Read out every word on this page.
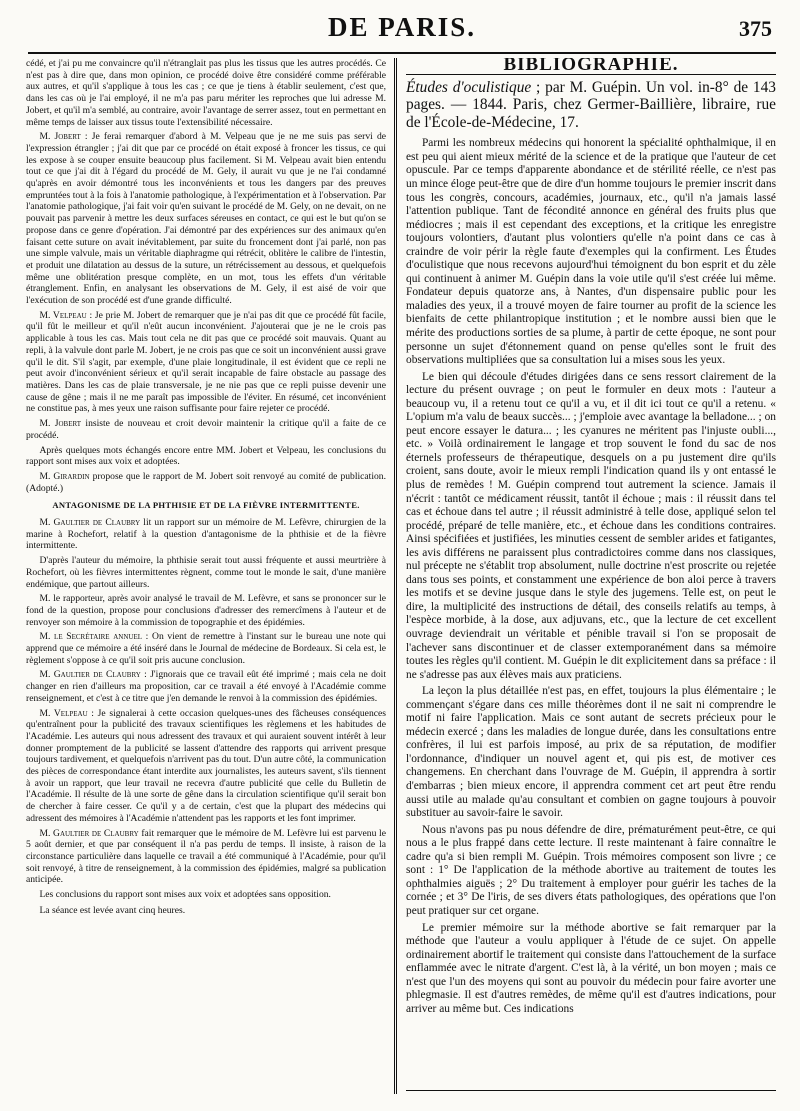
DE PARIS.	375

cédé, et j'ai pu me convaincre qu'il n'étranglait pas plus les tissus que les autres procédés. Ce n'est pas à dire que, dans mon opinion, ce procédé doive être considéré comme préférable aux autres, et qu'il s'applique à tous les cas ; ce que je tiens à établir seulement, c'est que, dans les cas où je l'ai employé, il ne m'a pas paru mériter les reproches que lui adresse M. Jobert, et qu'il m'a semblé, au contraire, avoir l'avantage de serrer assez, tout en permettant en même temps de laisser aux tissus toute l'extensibilité nécessaire.

M. Jobert : Je ferai remarquer d'abord à M. Velpeau que je ne me suis pas servi de l'expression étrangler ; j'ai dit que par ce procédé on était exposé à froncer les tissus, ce qui les expose à se couper ensuite beaucoup plus facilement. Si M. Velpeau avait bien entendu tout ce que j'ai dit à l'égard du procédé de M. Gely, il aurait vu que je ne l'ai condamné qu'après en avoir démontré tous les inconvénients et tous les dangers par des preuves empruntées tout à la fois à l'anatomie pathologique, à l'expérimentation et à l'observation. Par l'anatomie pathologique, j'ai fait voir qu'en suivant le procédé de M. Gely, on ne devait, on ne pouvait pas parvenir à mettre les deux surfaces séreuses en contact, ce qui est le but qu'on se propose dans ce genre d'opération. J'ai démontré par des expériences sur des animaux qu'en faisant cette suture on avait inévitablement, par suite du froncement dont j'ai parlé, non pas une simple valvule, mais un véritable diaphragme qui rétrécit, oblitère le calibre de l'intestin, et produit une dilatation au dessus de la suture, un rétrécissement au dessous, et quelquefois même une oblitération presque complète, en un mot, tous les effets d'un véritable étranglement. Enfin, en analysant les observations de M. Gely, il est aisé de voir que l'exécution de son procédé est d'une grande difficulté.

M. Velpeau : Je prie M. Jobert de remarquer que je n'ai pas dit que ce procédé fût facile, qu'il fût le meilleur et qu'il n'eût aucun inconvénient. J'ajouterai que je ne le crois pas applicable à tous les cas. Mais tout cela ne dit pas que ce procédé soit mauvais. Quant au repli, à la valvule dont parle M. Jobert, je ne crois pas que ce soit un inconvénient aussi grave qu'il le dit. S'il s'agit, par exemple, d'une plaie longitudinale, il est évident que ce repli ne peut avoir d'inconvénient sérieux et qu'il serait incapable de faire obstacle au passage des matières. Dans les cas de plaie transversale, je ne nie pas que ce repli puisse devenir une cause de gêne ; mais il ne me paraît pas impossible de l'éviter. En résumé, cet inconvénient ne constitue pas, à mes yeux une raison suffisante pour faire rejeter ce procédé.

M. Jobert insiste de nouveau et croit devoir maintenir la critique qu'il a faite de ce procédé.

Après quelques mots échangés encore entre MM. Jobert et Velpeau, les conclusions du rapport sont mises aux voix et adoptées.

M. Girardin propose que le rapport de M. Jobert soit renvoyé au comité de publication. (Adopté.)

ANTAGONISME DE LA PHTHISIE ET DE LA FIÈVRE INTERMITTENTE.

M. Gaultier de Claubry lit un rapport sur un mémoire de M. Lefèvre, chirurgien de la marine à Rochefort, relatif à la question d'antagonisme de la phthisie et de la fièvre intermittente.

D'après l'auteur du mémoire, la phthisie serait tout aussi fréquente et aussi meurtrière à Rochefort, où les fièvres intermittentes règnent, comme tout le monde le sait, d'une manière endémique, que partout ailleurs.

M. le rapporteur, après avoir analysé le travail de M. Lefèvre, et sans se prononcer sur le fond de la question, propose pour conclusions d'adresser des remercîmens à l'auteur et de renvoyer son mémoire à la commission de topographie et des épidémies.

M. le Secrétaire annuel : On vient de remettre à l'instant sur le bureau une note qui apprend que ce mémoire a été inséré dans le Journal de médecine de Bordeaux. Si cela est, le règlement s'oppose à ce qu'il soit pris aucune conclusion.

M. Gaultier de Claubry : J'ignorais que ce travail eût été imprimé ; mais cela ne doit changer en rien d'ailleurs ma proposition, car ce travail a été envoyé à l'Académie comme renseignement, et c'est à ce titre que j'en demande le renvoi à la commission des épidémies.

M. Velpeau : Je signalerai à cette occasion quelques-unes des fâcheuses conséquences qu'entraînent pour la publicité des travaux scientifiques les règlemens et les habitudes de l'Académie. Les auteurs qui nous adressent des travaux et qui auraient souvent intérêt à leur donner promptement de la publicité se lassent d'attendre des rapports qui arrivent presque toujours tardivement, et quelquefois n'arrivent pas du tout. D'un autre côté, la communication des pièces de correspondance étant interdite aux journalistes, les auteurs savent, s'ils tiennent à avoir un rapport, que leur travail ne recevra d'autre publicité que celle du Bulletin de l'Académie. Il résulte de là une sorte de gêne dans la circulation scientifique qu'il serait bon de chercher à faire cesser. Ce qu'il y a de certain, c'est que la plupart des médecins qui adressent des mémoires à l'Académie n'attendent pas les rapports et les font imprimer.

M. Gaultier de Claubry fait remarquer que le mémoire de M. Lefèvre lui est parvenu le 5 août dernier, et que par conséquent il n'a pas perdu de temps. Il insiste, à raison de la circonstance particulière dans laquelle ce travail a été communiqué à l'Académie, pour qu'il soit renvoyé, à titre de renseignement, à la commission des épidémies, malgré sa publication anticipée.

Les conclusions du rapport sont mises aux voix et adoptées sans opposition.

La séance est levée avant cinq heures.

BIBLIOGRAPHIE.

Études d'oculistique ; par M. Guépin. Un vol. in-8° de 143 pages. — 1844. Paris, chez Germer-Baillière, libraire, rue de l'École-de-Médecine, 17.

Parmi les nombreux médecins qui honorent la spécialité ophthalmique, il en est peu qui aient mieux mérité de la science et de la pratique que l'auteur de cet opuscule. Par ce temps d'apparente abondance et de stérilité réelle, ce n'est pas un mince éloge peut-être que de dire d'un homme toujours le premier inscrit dans tous les congrès, concours, académies, journaux, etc., qu'il n'a jamais lassé l'attention publique. Tant de fécondité annonce en général des fruits plus que médiocres ; mais il est cependant des exceptions, et la critique les enregistre toujours volontiers, d'autant plus volontiers qu'elle n'a point dans ce cas à craindre de voir périr la règle faute d'exemples qui la confirment. Les Études d'oculistique que nous recevons aujourd'hui témoignent du bon esprit et du zèle qui continuent à animer M. Guépin dans la voie utile qu'il s'est créée lui même. Fondateur depuis quatorze ans, à Nantes, d'un dispensaire public pour les maladies des yeux, il a trouvé moyen de faire tourner au profit de la science les bienfaits de cette philantropique institution ; et le nombre aussi bien que le mérite des productions sorties de sa plume, à partir de cette époque, ne sont pour personne un sujet d'étonnement quand on pense qu'elles sont le fruit des observations multipliées que sa consultation lui a mises sous les yeux.

Le bien qui découle d'études dirigées dans ce sens ressort clairement de la lecture du présent ouvrage ; on peut le formuler en deux mots : l'auteur a beaucoup vu, il a retenu tout ce qu'il a vu, et il dit ici tout ce qu'il a retenu. « L'opium m'a valu de beaux succès... ; j'emploie avec avantage la belladone... ; on peut encore essayer le datura... ; les cyanures ne méritent pas l'injuste oubli..., etc. » Voilà ordinairement le langage et trop souvent le fond du sac de nos éternels professeurs de thérapeutique, desquels on a pu justement dire qu'ils croient, sans doute, avoir le mieux rempli l'indication quand ils y ont entassé le plus de remèdes ! M. Guépin comprend tout autrement la science. Jamais il n'écrit : tantôt ce médicament réussit, tantôt il échoue ; mais : il réussit dans tel cas et échoue dans tel autre ; il réussit administré à telle dose, appliqué selon tel procédé, préparé de telle manière, etc., et échoue dans les conditions contraires. Ainsi spécifiées et justifiées, les minuties cessent de sembler arides et fatigantes, les avis différens ne paraissent plus contradictoires comme dans nos classiques, nul précepte ne s'établit trop absolument, nulle doctrine n'est proscrite ou rejetée dans tous ses points, et constamment une expérience de bon aloi perce à travers les motifs et se devine jusque dans le style des jugemens. Telle est, on peut le dire, la multiplicité des instructions de détail, des conseils relatifs au temps, à l'espèce morbide, à la dose, aux adjuvans, etc., que la lecture de cet excellent ouvrage deviendrait un véritable et pénible travail si l'on se proposait de l'achever sans discontinuer et de classer extemporanément dans sa mémoire toutes les règles qu'il contient. M. Guépin le dit explicitement dans sa préface : il ne s'adresse pas aux élèves mais aux praticiens.

La leçon la plus détaillée n'est pas, en effet, toujours la plus élémentaire ; le commençant s'égare dans ces mille théorèmes dont il ne sait ni comprendre le motif ni faire l'application. Mais ce sont autant de secrets précieux pour le médecin exercé ; dans les maladies de longue durée, dans les consultations entre confrères, il lui est parfois imposé, au prix de sa réputation, de modifier l'ordonnance, d'indiquer un nouvel agent et, qui pis est, de motiver ces changemens. En cherchant dans l'ouvrage de M. Guépin, il apprendra à sortir d'embarras ; bien mieux encore, il apprendra comment cet art peut être rendu aussi utile au malade qu'au consultant et combien on gagne toujours à pouvoir substituer au savoir-faire le savoir.

Nous n'avons pas pu nous défendre de dire, prématurément peut-être, ce qui nous a le plus frappé dans cette lecture. Il reste maintenant à faire connaître le cadre qu'a si bien rempli M. Guépin. Trois mémoires composent son livre ; ce sont : 1° De l'application de la méthode abortive au traitement de toutes les ophthalmies aiguës ; 2° Du traitement à employer pour guérir les taches de la cornée ; et 3° De l'iris, de ses divers états pathologiques, des opérations que l'on peut pratiquer sur cet organe.

Le premier mémoire sur la méthode abortive se fait remarquer par la méthode que l'auteur a voulu appliquer à l'étude de ce sujet. On appelle ordinairement abortif le traitement qui consiste dans l'attouchement de la surface enflammée avec le nitrate d'argent. C'est là, à la vérité, un bon moyen ; mais ce n'est que l'un des moyens qui sont au pouvoir du médecin pour faire avorter une phlegmasie. Il est d'autres remèdes, de même qu'il est d'autres indications, pour arriver au même but. Ces indications
